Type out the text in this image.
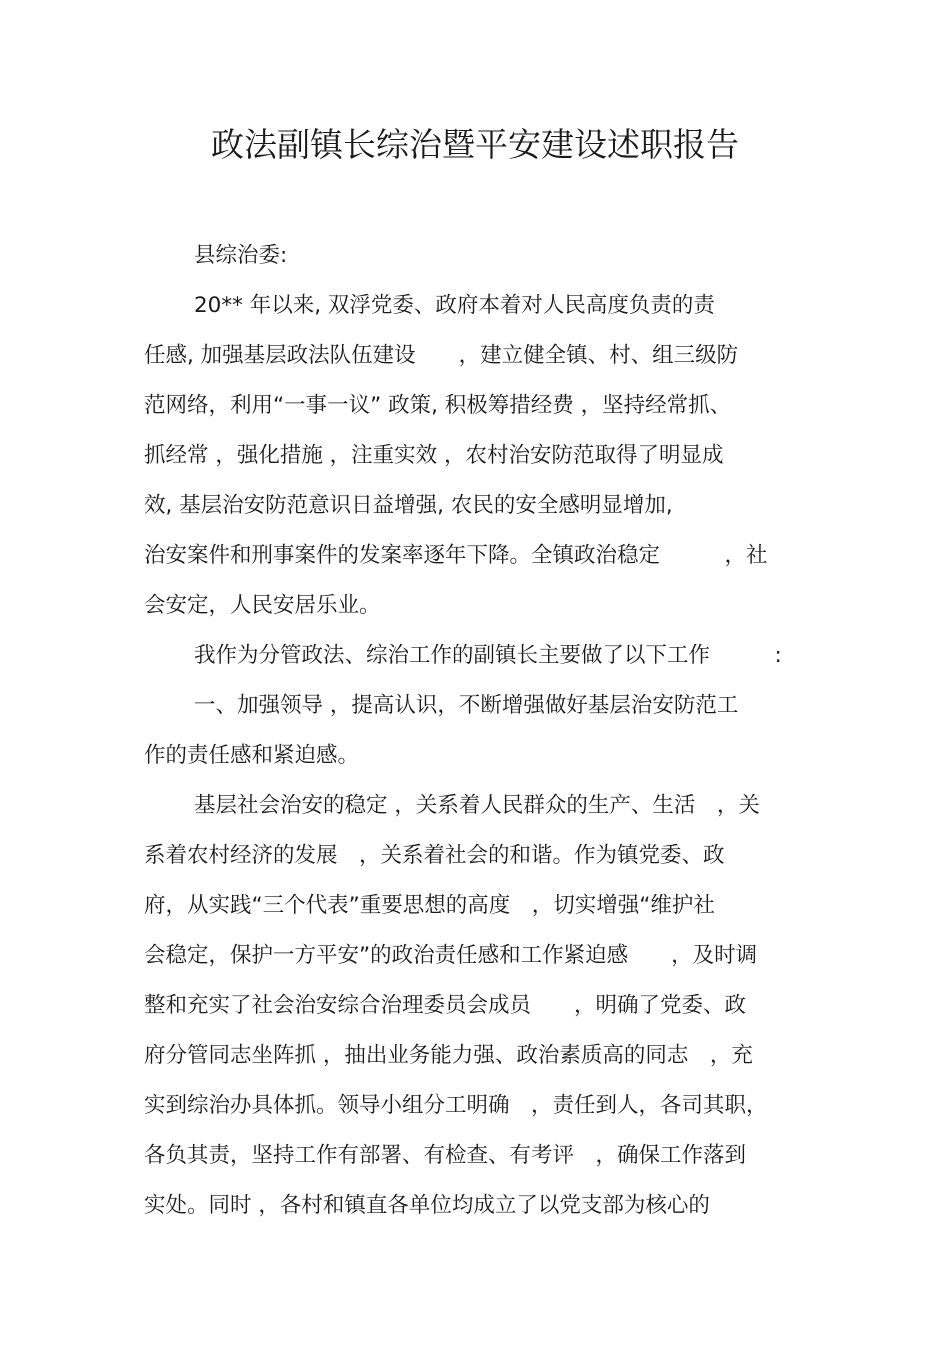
政法副镇长综治暨平安建设述职报告
县综治委:
20** 年以来, 双浮党委、政府本着对人民高度负责的责
任感, 加强基层政法队伍建设　　，建立健全镇、村、组三级防
范网络，利用“一事一议” 政策, 积极筹措经费 ，坚持经常抓、
抓经常 ，强化措施 ，注重实效 ，农村治安防范取得了明显成
效, 基层治安防范意识日益增强, 农民的安全感明显增加,
治安案件和刑事案件的发案率逐年下降。全镇政治稳定　　　，社
会安定，人民安居乐业。
我作为分管政法、综治工作的副镇长主要做了以下工作　　　:
一、加强领导 ，提高认识，不断增强做好基层治安防范工
作的责任感和紧迫感。
基层社会治安的稳定 ，关系着人民群众的生产、生活　，关
系着农村经济的发展　，关系着社会的和谐。作为镇党委、政
府，从实践“三个代表”重要思想的高度　，切实增强“维护社
会稳定，保护一方平安”的政治责任感和工作紧迫感　　，及时调
整和充实了社会治安综合治理委员会成员　　，明确了党委、政
府分管同志坐阵抓 ，抽出业务能力强、政治素质高的同志　，充
实到综治办具体抓。领导小组分工明确　，责任到人，各司其职，
各负其责，坚持工作有部署、有检查、有考评　，确保工作落到
实处。同时 ，各村和镇直各单位均成立了以党支部为核心的
